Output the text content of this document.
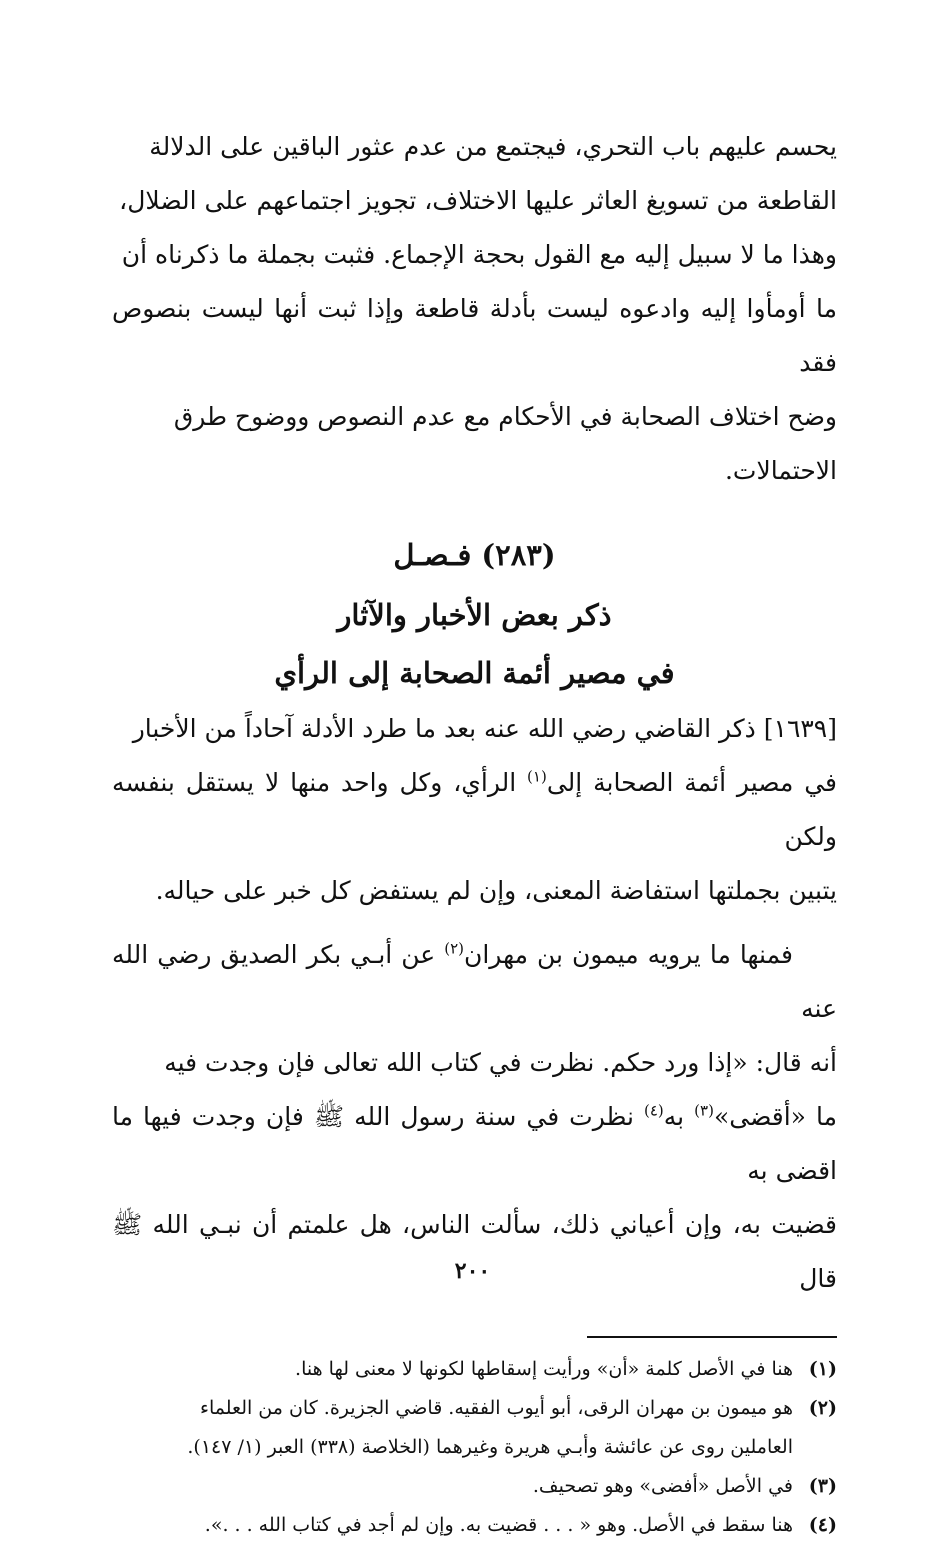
يحسم عليهم باب التحري، فيجتمع من عدم عثور الباقين على الدلالة
القاطعة من تسويغ العاثر عليها الاختلاف، تجويز اجتماعهم على الضلال،
وهذا ما لا سبيل إليه مع القول بحجة الإجماع. فثبت بجملة ما ذكرناه أن
ما أومأوا إليه وادعوه ليست بأدلة قاطعة وإذا ثبت أنها ليست بنصوص فقد
وضح اختلاف الصحابة في الأحكام مع عدم النصوص ووضوح طرق
الاحتمالات.
(٢٨٣) فـصـل
ذكر بعض الأخبار والآثار
في مصير أئمة الصحابة إلى الرأي
[١٦٣٩] ذكر القاضي رضي الله عنه بعد ما طرد الأدلة آحاداً من الأخبار
في مصير أئمة الصحابة إلى$^{(١)}$ الرأي، وكل واحد منها لا يستقل بنفسه ولكن
يتبين بجملتها استفاضة المعنى، وإن لم يستفض كل خبر على حياله.
فمنها ما يرويه ميمون بن مهران$^{(٢)}$ عن أبـي بكر الصديق رضي الله عنه
أنه قال: «إذا ورد حكم. نظرت في كتاب الله تعالى فإن وجدت فيه
ما «أقضى»$^{(٣)}$ به$^{(٤)}$ نظرت في سنة رسول الله ﷺ فإن وجدت فيها ما اقضى به
قضيت به، وإن أعياني ذلك، سألت الناس، هل علمتم أن نبـي الله ﷺ قال
(١)
هنا في الأصل كلمة «أن» ورأيت إسقاطها لكونها لا معنى لها هنا.
(٢)
هو ميمون بن مهران الرقى، أبو أيوب الفقيه. قاضي الجزيرة. كان من العلماء
العاملين روى عن عائشة وأبـي هريرة وغيرهما (الخلاصة (٣٣٨) العبر (١/ ١٤٧).
(٣)
في الأصل «أفضى» وهو تصحيف.
(٤)
هنا سقط في الأصل. وهو « . . . قضيت به. وإن لم أجد في كتاب الله . . .».
٢٠٠
